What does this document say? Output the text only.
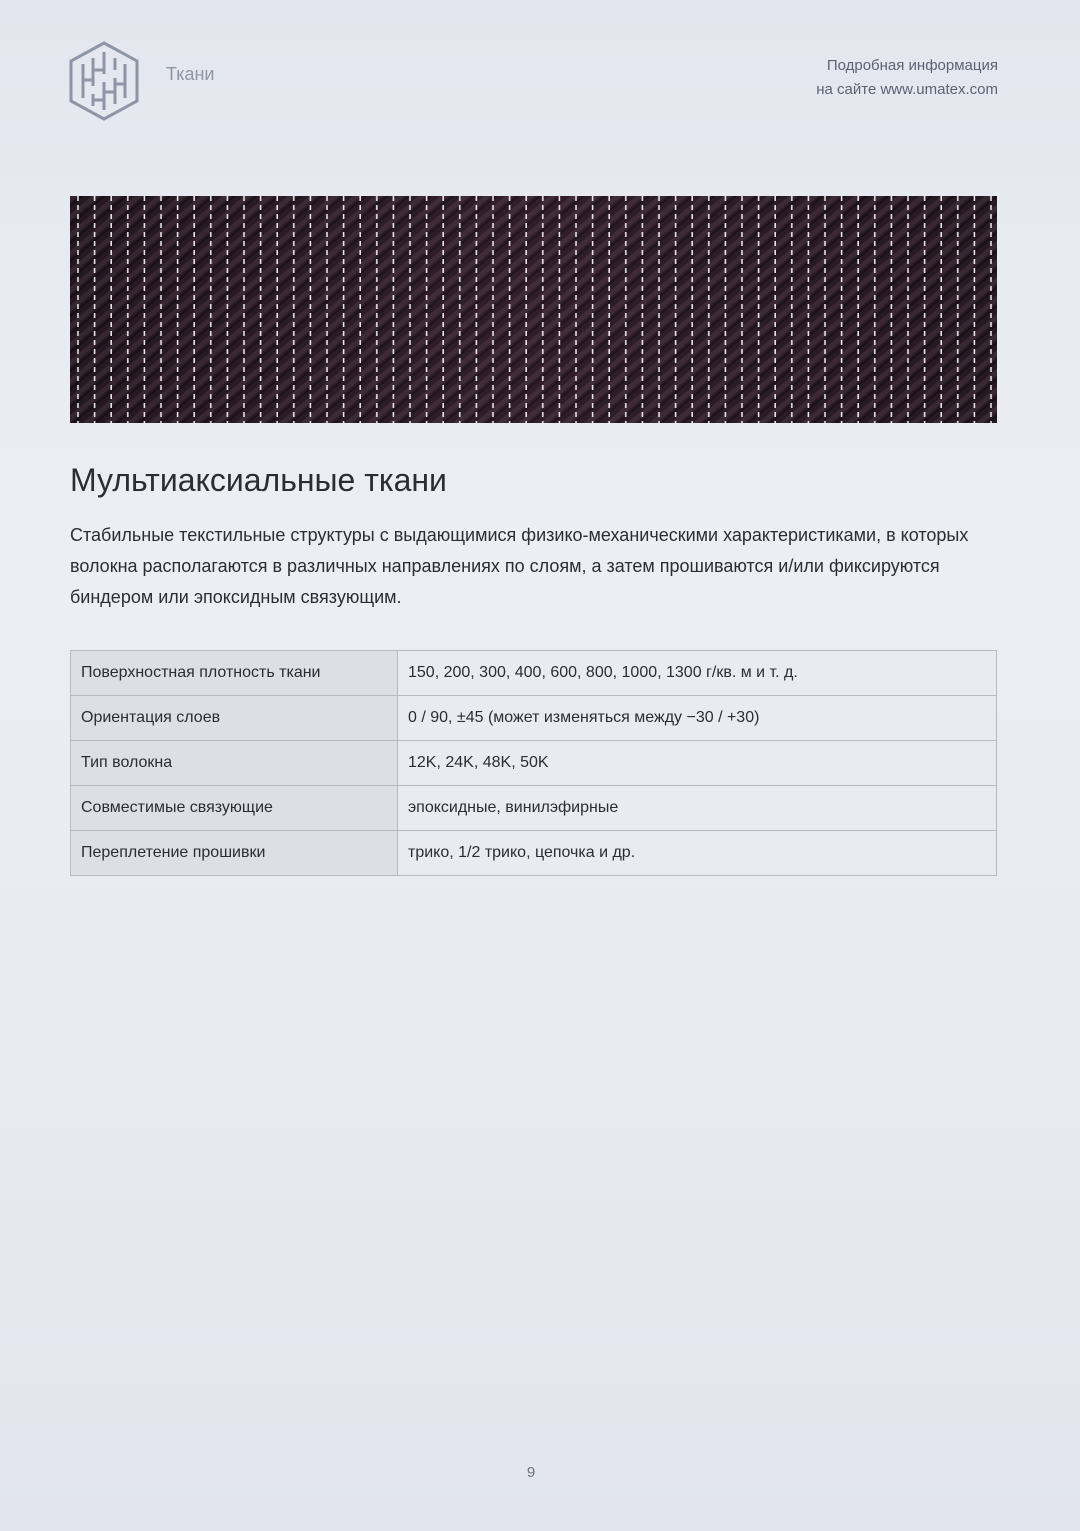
Ткани	Подробная информация
на сайте www.umatex.com
Мультиаксиальные ткани

Стабильные текстильные структуры с выдающимися физико-механическими характеристиками, в которых волокна располагаются в различных направлениях по слоям, а затем прошиваются и/или фиксируются биндером или эпоксидным связующим.

Поверхностная плотность ткани	150, 200, 300, 400, 600, 800, 1000, 1300 г/кв. м и т. д.
Ориентация слоев	0 / 90, ±45 (может изменяться между −30 / +30)
Тип волокна	12K, 24K, 48K, 50K
Совместимые связующие	эпоксидные, винилэфирные
Переплетение прошивки	трико, 1/2 трико, цепочка и др.
9
